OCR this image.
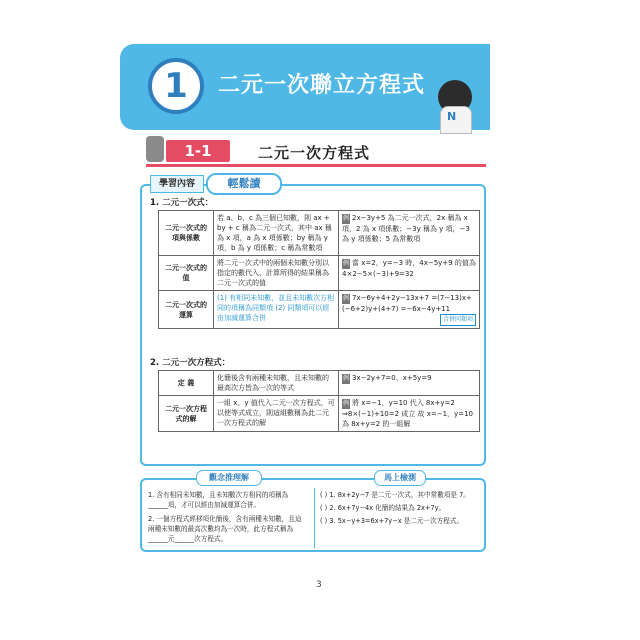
1	二元一次聯立方程式
N
1-1	二元一次方程式
學習內容	輕鬆讀
1. 二元一次式：
二元一次式的項與係數	若 a、b、c 為三個已知數，則 ax + by + c 稱為二元一次式，其中 ax 稱為 x 項，a 為 x 項係數；by 稱為 y 項，b 為 y 項係數；c 稱為常數項	例 2x−3y+5 為二元一次式，2x 稱為 x 項，2 為 x 項係數；−3y 稱為 y 項，−3 為 y 項係數；5 為常數項
二元一次式的值	將二元一次式中的兩個未知數分別以指定的數代入，計算所得的結果稱為二元一次式的值	例 當 x=2，y=−3 時，4x−5y+9 的值為 4×2−5×(−3)+9=32
二元一次式的運算	(1) 有相同未知數，並且未知數次方相同的項稱為同類項 (2) 同類項可以經由加減運算合併	例 7x−6y+4+2y−13x+7 =(7−13)x+(−6+2)y+(4+7) =−6x−4y+11
合併同類項
2. 二元一次方程式：
定 義	化簡後含有兩種未知數，且未知數的最高次方皆為一次的等式	例 3x−2y+7=0、x+5y=9
二元一次方程式的解	一組 x、y 值代入二元一次方程式，可以使等式成立，則這組數稱為此二元一次方程式的解	例 將 x=−1，y=10 代入 8x+y=2 ⇒8×(−1)+10=2 成立 故 x=−1，y=10 為 8x+y=2 的一組解
觀念推理解	馬上檢測
1. 含有相同未知數，且未知數次方相同的項稱為______項，才可以經由加減運算合併。
2. 一個方程式經移項化簡後，含有兩種未知數，且這兩種未知數的最高次數均為一次時，此方程式稱為______元______次方程式。
( ) 1. 8x+2y−7 是二元一次式，其中常數項是 7。
( ) 2. 6x+7y−4x 化簡的結果為 2x+7y。
( ) 3. 5x−y+3=6x+7y−x 是二元一次方程式。
3
